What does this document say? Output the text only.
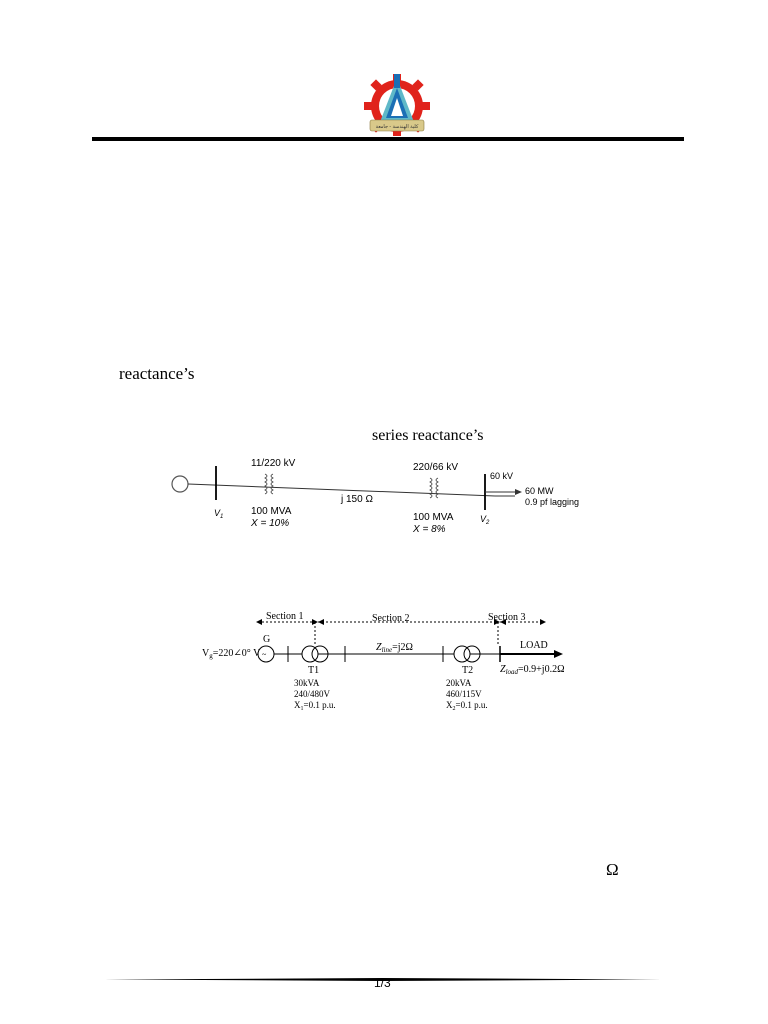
كلية الهندسة - جامعة
reactance’s
series reactance’s
11/220 kV
100 MVA
X = 10%
$V_1$
j 150 Ω
220/66 kV
100 MVA
X = 8%
$V_2$
60 kV
60 MW
0.9 pf lagging
Section 1	Section 2	Section 3
~
G
$V_g=220\angle 0^\circ$ V
T1
30kVA
240/480V
$X_1=0.1$ p.u.
$Z_{line}=j2\Omega$
T2
20kVA
460/115V
$X_2=0.1$ p.u.
LOAD
$Z_{load}=0.9+j0.2\Omega$
Ω
1/3
